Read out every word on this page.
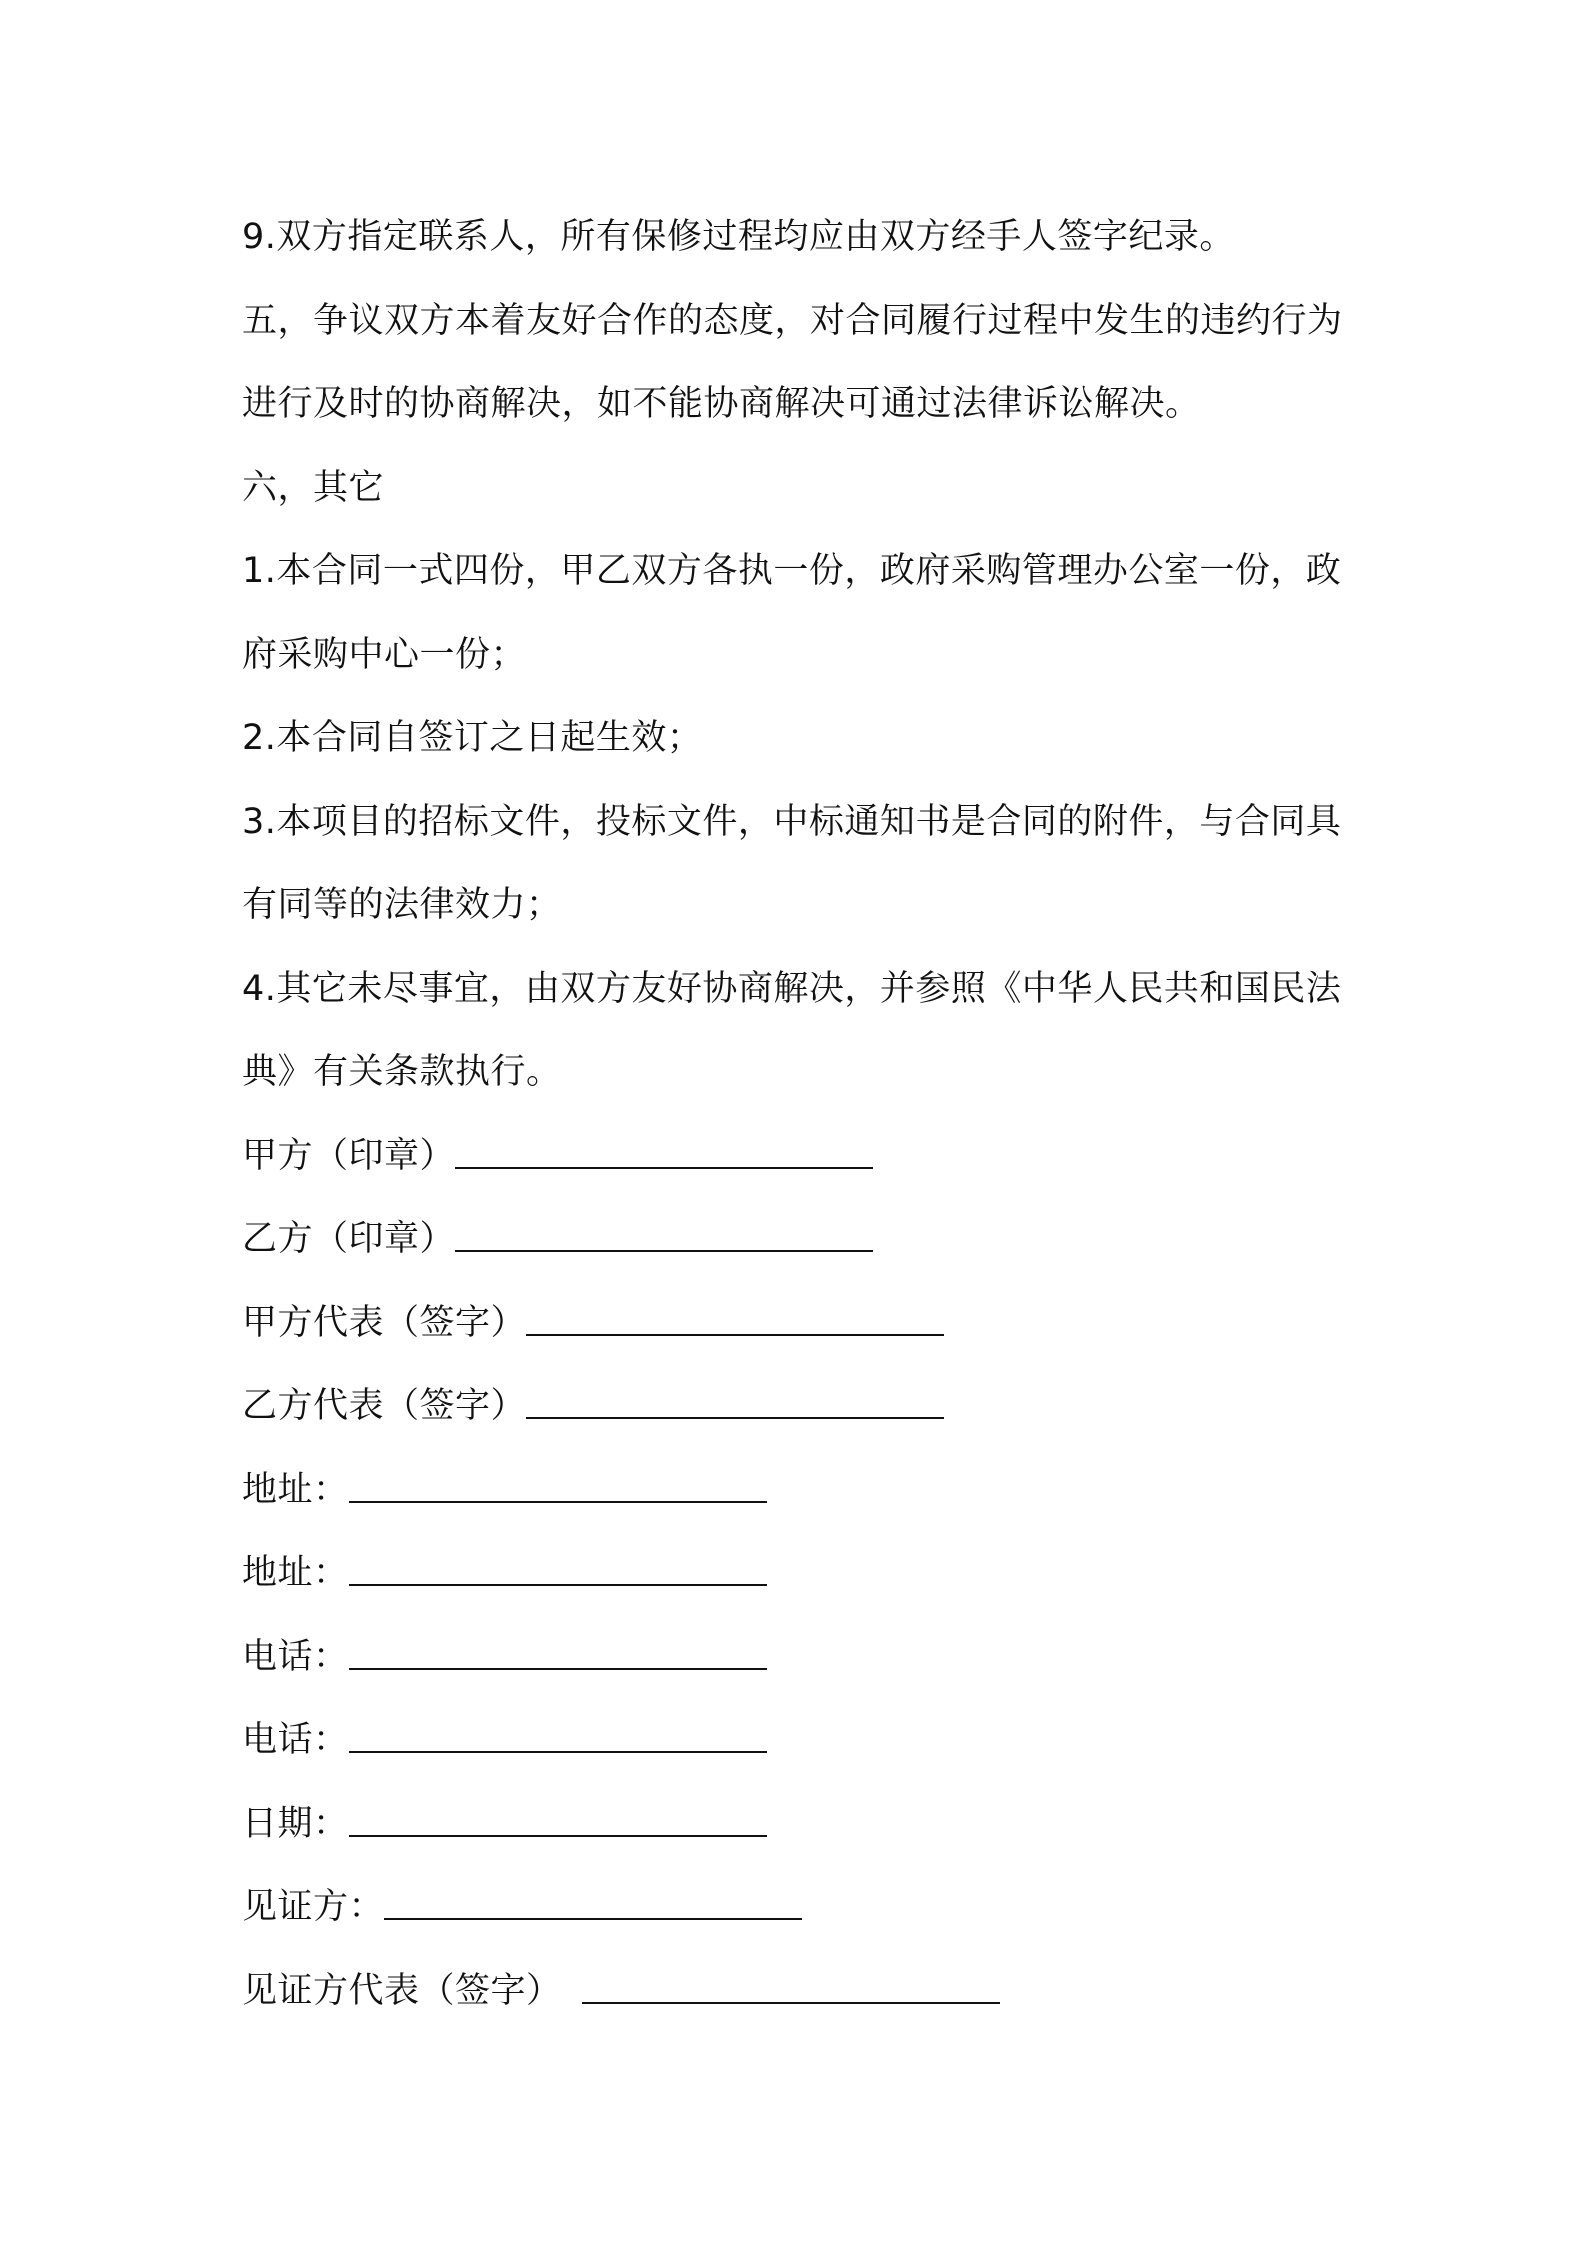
9.双方指定联系人，所有保修过程均应由双方经手人签字纪录。

五，争议双方本着友好合作的态度，对合同履行过程中发生的违约行为进行及时的协商解决，如不能协商解决可通过法律诉讼解决。

六，其它

1.本合同一式四份，甲乙双方各执一份，政府采购管理办公室一份，政府采购中心一份；

2.本合同自签订之日起生效；

3.本项目的招标文件，投标文件，中标通知书是合同的附件，与合同具有同等的法律效力；

4.其它未尽事宜，由双方友好协商解决，并参照《中华人民共和国民法典》有关条款执行。

甲方（印章）
乙方（印章）
甲方代表（签字）
乙方代表（签字）
地址：
地址：
电话：
电话：
日期：
见证方：
见证方代表（签字）
